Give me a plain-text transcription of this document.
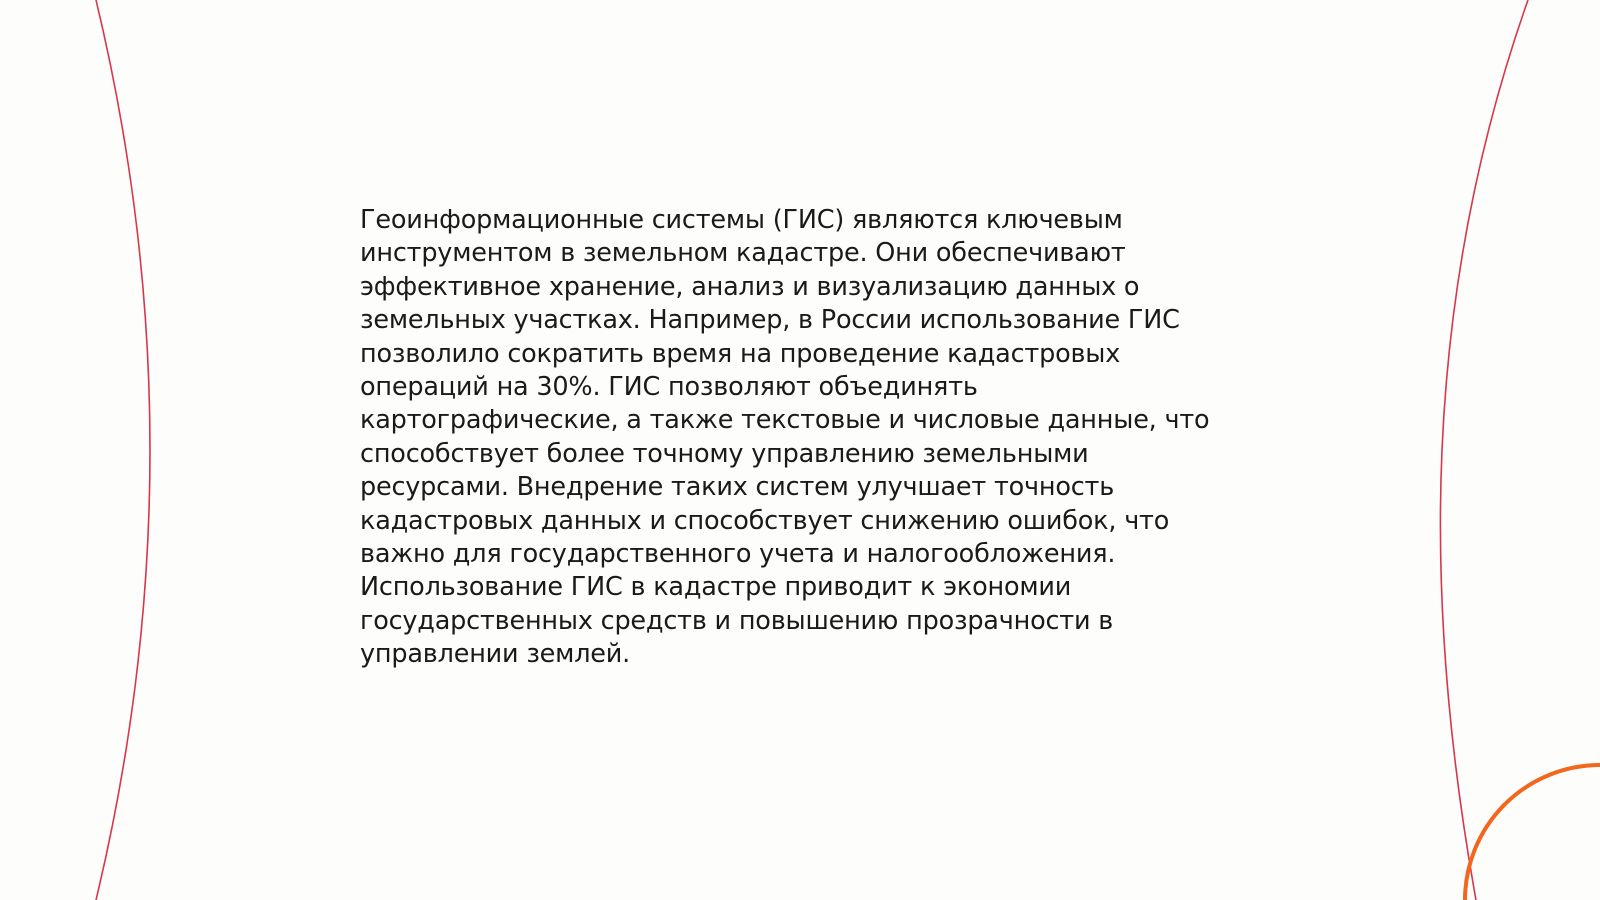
Геоинформационные системы (ГИС) являются ключевым
инструментом в земельном кадастре. Они обеспечивают
эффективное хранение, анализ и визуализацию данных о
земельных участках. Например, в России использование ГИС
позволило сократить время на проведение кадастровых
операций на 30%. ГИС позволяют объединять
картографические, а также текстовые и числовые данные, что
способствует более точному управлению земельными
ресурсами. Внедрение таких систем улучшает точность
кадастровых данных и способствует снижению ошибок, что
важно для государственного учета и налогообложения.
Использование ГИС в кадастре приводит к экономии
государственных средств и повышению прозрачности в
управлении землей.
